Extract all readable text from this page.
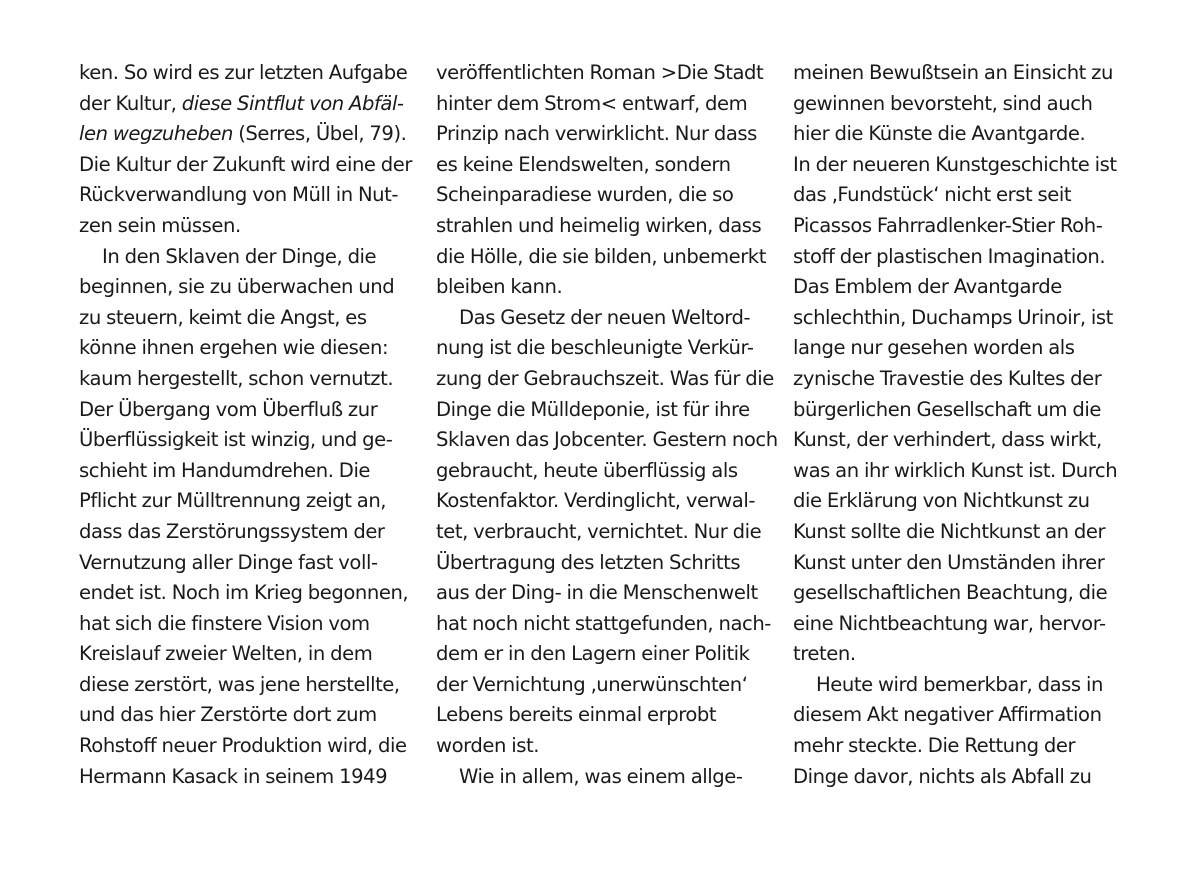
ken. So wird es zur letzten Aufgabe
der Kultur, diese Sintflut von Abfäl-
len wegzuheben (Serres, Übel, 79).
Die Kultur der Zukunft wird eine der
Rückverwandlung von Müll in Nut-
zen sein müssen.
In den Sklaven der Dinge, die
beginnen, sie zu überwachen und
zu steuern, keimt die Angst, es
könne ihnen ergehen wie diesen:
kaum hergestellt, schon vernutzt.
Der Übergang vom Überfluß zur
Überflüssigkeit ist winzig, und ge-
schieht im Handumdrehen. Die
Pflicht zur Mülltrennung zeigt an,
dass das Zerstörungssystem der
Vernutzung aller Dinge fast voll-
endet ist. Noch im Krieg begonnen,
hat sich die finstere Vision vom
Kreislauf zweier Welten, in dem
diese zerstört, was jene herstellte,
und das hier Zerstörte dort zum
Rohstoff neuer Produktion wird, die
Hermann Kasack in seinem 1949
veröffentlichten Roman >Die Stadt
hinter dem Strom< entwarf, dem
Prinzip nach verwirklicht. Nur dass
es keine Elendswelten, sondern
Scheinparadiese wurden, die so
strahlen und heimelig wirken, dass
die Hölle, die sie bilden, unbemerkt
bleiben kann.
Das Gesetz der neuen Weltord-
nung ist die beschleunigte Verkür-
zung der Gebrauchszeit. Was für die
Dinge die Mülldeponie, ist für ihre
Sklaven das Jobcenter. Gestern noch
gebraucht, heute überflüssig als
Kostenfaktor. Verdinglicht, verwal-
tet, verbraucht, vernichtet. Nur die
Übertragung des letzten Schritts
aus der Ding- in die Menschenwelt
hat noch nicht stattgefunden, nach-
dem er in den Lagern einer Politik
der Vernichtung ‚unerwünschten‘
Lebens bereits einmal erprobt
worden ist.
Wie in allem, was einem allge-
meinen Bewußtsein an Einsicht zu
gewinnen bevorsteht, sind auch
hier die Künste die Avantgarde.
In der neueren Kunstgeschichte ist
das ‚Fundstück‘ nicht erst seit
Picassos Fahrradlenker-Stier Roh-
stoff der plastischen Imagination.
Das Emblem der Avantgarde
schlechthin, Duchamps Urinoir, ist
lange nur gesehen worden als
zynische Travestie des Kultes der
bürgerlichen Gesellschaft um die
Kunst, der verhindert, dass wirkt,
was an ihr wirklich Kunst ist. Durch
die Erklärung von Nichtkunst zu
Kunst sollte die Nichtkunst an der
Kunst unter den Umständen ihrer
gesellschaftlichen Beachtung, die
eine Nichtbeachtung war, hervor-
treten.
Heute wird bemerkbar, dass in
diesem Akt negativer Affirmation
mehr steckte. Die Rettung der
Dinge davor, nichts als Abfall zu
